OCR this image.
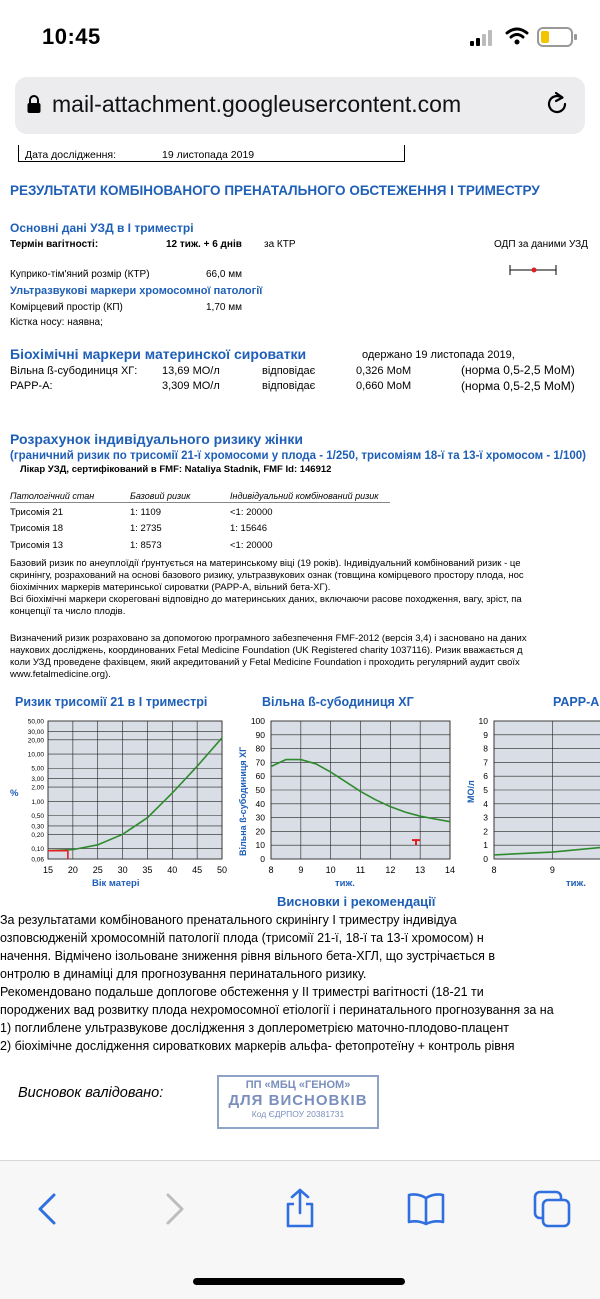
10:45
mail-attachment.googleusercontent.com
Дата дослідження:	19 листопада 2019
РЕЗУЛЬТАТИ КОМБІНОВАНОГО ПРЕНАТАЛЬНОГО ОБСТЕЖЕННЯ І ТРИМЕСТРУ
Основні дані УЗД в І триместрі
Термін вагітності:	12 тиж. + 6 днів за КТР	ОДП за даними УЗД
Куприко-тім'яний розмір (КТР)	66,0 мм
Ультразвукові маркери хромосомної патології
Комірцевий простір (КП)	1,70 мм
Кістка носу: наявна;
Біохімічні маркери материнскої сироватки	одержано 19 листопада 2019,
Вільна ß-субодиниця ХГ: 13,69 МО/л	відповідає	0,326 МоМ	(норма 0,5-2,5 МоМ)
PAPP-A:	3,309 МО/л	відповідає	0,660 МоМ	(норма 0,5-2,5 МоМ)
Розрахунок індивідуального ризику жінки
(граничний ризик по трисомії 21-ї хромосоми у плода - 1/250, трисоміям 18-ї та 13-ї хромосом - 1/100)
Лікар УЗД, сертифікований в FMF: Nataliya Stadnik, FMF Id: 146912
Патологічний стан	Базовий ризик	Індивідуальний комбінований ризик
Трисомія 21	1: 1109	<1: 20000
Трисомія 18	1: 2735	1: 15646
Трисомія 13	1: 8573	<1: 20000
Базовий ризик по анеуплоїдії ґрунтується на материнському віці (19 років). Індивідуальний комбінований ризик - це
скринінгу, розрахований на основі базового ризику, ультразвукових ознак (товщина комірцевого простору плода, нос
біохімічних маркерів материнської сироватки (PAPP-A, вільний бета-ХГ).
Всі біохімічні маркери скореговані відповідно до материнських даних, включаючи расове походження, вагу, зріст, па
концепції та число плодів.
Визначений ризик розраховано за допомогою програмного забезпечення FMF-2012 (версія 3,4) і засновано на даних
наукових досліджень, координованих Fetal Medicine Foundation (UK Registered charity 1037116). Ризик вважається д
коли УЗД проведене фахівцем, який акредитований у Fetal Medicine Foundation і проходить регулярний аудит своїх
www.fetalmedicine.org).
Ризик трисомії 21 в І триместрі
0,06
0,10
0,20
0,30
0,50
1,00
2,00
3,00
5,00
10,00
20,00
30,00
50,00
15 20 25 30 35 40 45 50
Вік матері
%
Вільна ß-субодиниця ХГ
0
10
20
30
40
50
60
70
80
90
100
8	9 10 11 12 13 14
Вільна ß-субодиниця ХГ
тиж.
PAPP-A
0
1
2
3
4
5
6
7
8
9
10
8	9
МО/л
тиж.
Висновки і рекомендації
За результатами комбінованого пренатального скринінгу І триместру індивідуа
озповсюдженій хромосомній патології плода (трисомії 21-ї, 18-ї та 13-ї хромосом) н
начення. Відмічено ізольоване зниження рівня вільного бета-ХГЛ, що зустрічається в
онтролю в динаміці для прогнозування перинатального ризику.
Рекомендовано подальше доплогове обстеження у ІІ триместрі вагітності (18-21 ти
породжених вад розвитку плода нехромосомної етіології і перинатального прогнозування за на
1) поглиблене ультразвукове дослідження з доплерометрією маточно-плодово-плацент
2) біохімічне дослідження сироваткових маркерів альфа- фетопротеїну + контроль рівня
Висновок валідовано:	ПП «МБЦ «ГЕНОМ»
ДЛЯ ВИСНОВКІВ
Код ЄДРПОУ 20381731
